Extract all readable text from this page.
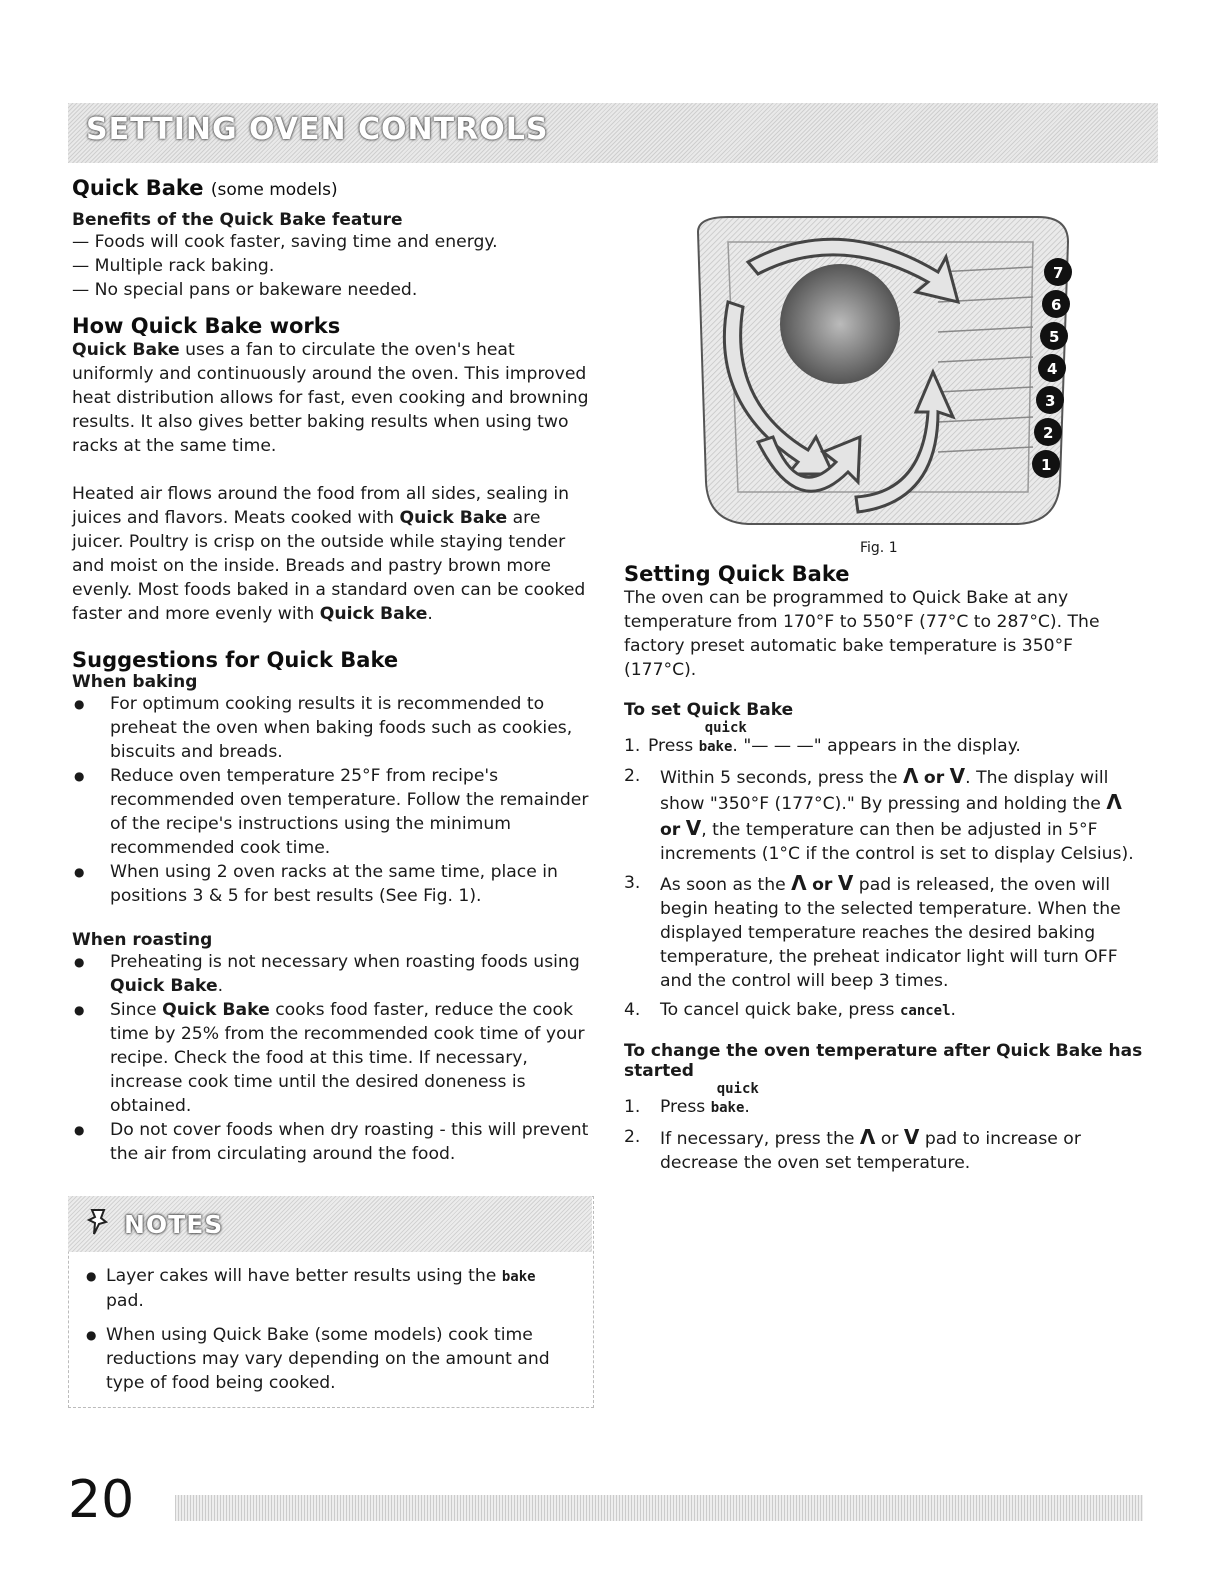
SETTING OVEN CONTROLS
Quick Bake (some models)
Benefits of the Quick Bake feature
— Foods will cook faster, saving time and energy.
— Multiple rack baking.
— No special pans or bakeware needed.
How Quick Bake works
Quick Bake uses a fan to circulate the oven's heat uniformly and continuously around the oven. This improved heat distribution allows for fast, even cooking and browning results. It also gives better baking results when using two racks at the same time.
Heated air flows around the food from all sides, sealing in juices and flavors. Meats cooked with Quick Bake are juicer. Poultry is crisp on the outside while staying tender and moist on the inside. Breads and pastry brown more evenly. Most foods baked in a standard oven can be cooked faster and more evenly with Quick Bake.
Suggestions for Quick Bake
When baking
● For optimum cooking results it is recommended to preheat the oven when baking foods such as cookies, biscuits and breads.
● Reduce oven temperature 25°F from recipe's recommended oven temperature. Follow the remainder of the recipe's instructions using the minimum recommended cook time.
● When using 2 oven racks at the same time, place in positions 3 & 5 for best results (See Fig. 1).
When roasting
● Preheating is not necessary when roasting foods using Quick Bake.
● Since Quick Bake cooks food faster, reduce the cook time by 25% from the recommended cook time of your recipe. Check the food at this time. If necessary, increase cook time until the desired doneness is obtained.
● Do not cover foods when dry roasting - this will prevent the air from circulating around the food.
NOTES
● Layer cakes will have better results using the bake pad.
● When using Quick Bake (some models) cook time reductions may vary depending on the amount and type of food being cooked.
7
6
5
4
3
2
1
Fig. 1
Setting Quick Bake
The oven can be programmed to Quick Bake at any temperature from 170°F to 550°F (77°C to 287°C). The factory preset automatic bake temperature is 350°F (177°C).
To set Quick Bake
1. Press
quick
bake. "— — —" appears in the display.
2. Within 5 seconds, press the Λ or V. The display will show "350°F (177°C)." By pressing and holding the Λ or V, the temperature can then be adjusted in 5°F increments (1°C if the control is set to display Celsius).
3. As soon as the Λ or V pad is released, the oven will begin heating to the selected temperature. When the displayed temperature reaches the desired baking temperature, the preheat indicator light will turn OFF and the control will beep 3 times.
4. To cancel quick bake, press cancel.
To change the oven temperature after Quick Bake has started
1. Press
quick
bake.
2. If necessary, press the Λ or V pad to increase or decrease the oven set temperature.
20
